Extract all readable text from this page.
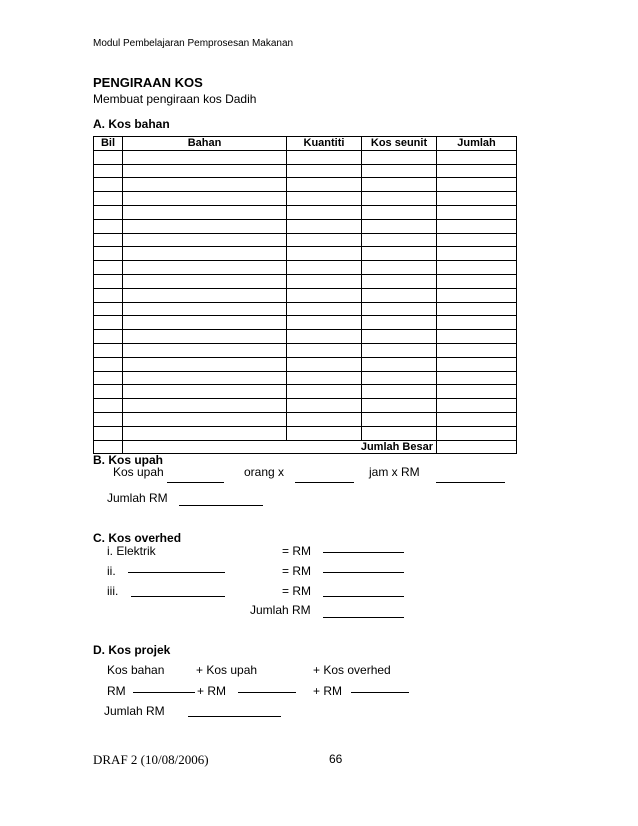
Modul Pembelajaran Pemprosesan Makanan
PENGIRAAN KOS
Membuat pengiraan kos Dadih
A. Kos bahan
Bil	Bahan	Kuantiti	Kos seunit	Jumlah

	Jumlah Besar			
B. Kos upah
Kos upah	orang x	jam x RM
Jumlah RM
C. Kos overhed
i. Elektrik	= RM
ii.	= RM
iii.	= RM
Jumlah RM
D. Kos projek
Kos bahan	+ Kos upah	+ Kos overhed
RM	+ RM	+ RM
Jumlah RM
DRAF 2 (10/08/2006)	66
